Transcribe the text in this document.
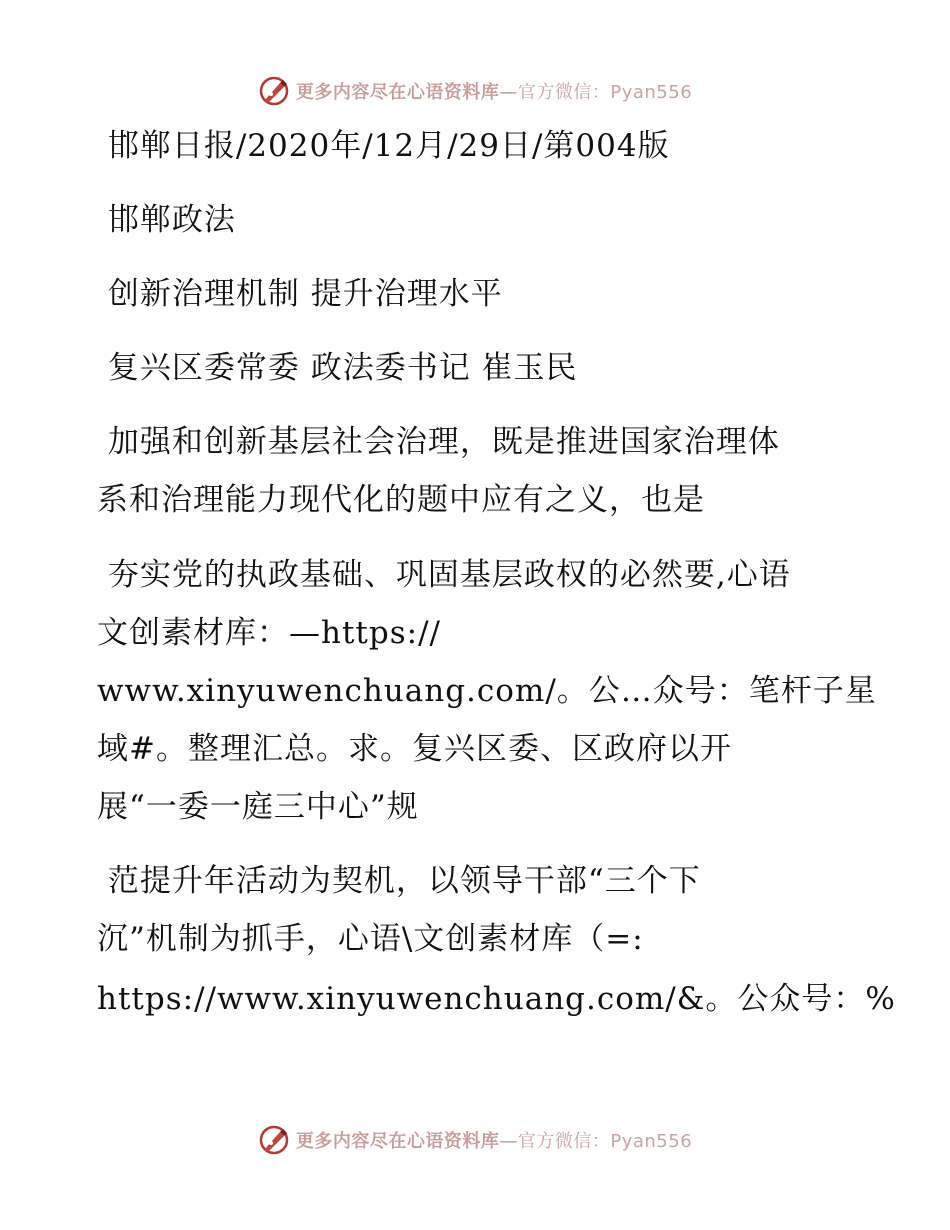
更多内容尽在心语资料库—官方微信：Pyan556
邯郸日报/2020年/12月/29日/第004版
邯郸政法
创新治理机制 提升治理水平
复兴区委常委 政法委书记 崔玉民
加强和创新基层社会治理，既是推进国家治理体
系和治理能力现代化的题中应有之义，也是
夯实党的执政基础、巩固基层政权的必然要,心语
文创素材库：—https://
www.xinyuwenchuang.com/。公…众号：笔杆子星
域#。整理汇总。求。复兴区委、区政府以开
展“一委一庭三中心”规
范提升年活动为契机，以领导干部“三个下
沉”机制为抓手，心语\文创素材库（=:
https://www.xinyuwenchuang.com/&。公众号：%
更多内容尽在心语资料库—官方微信：Pyan556
